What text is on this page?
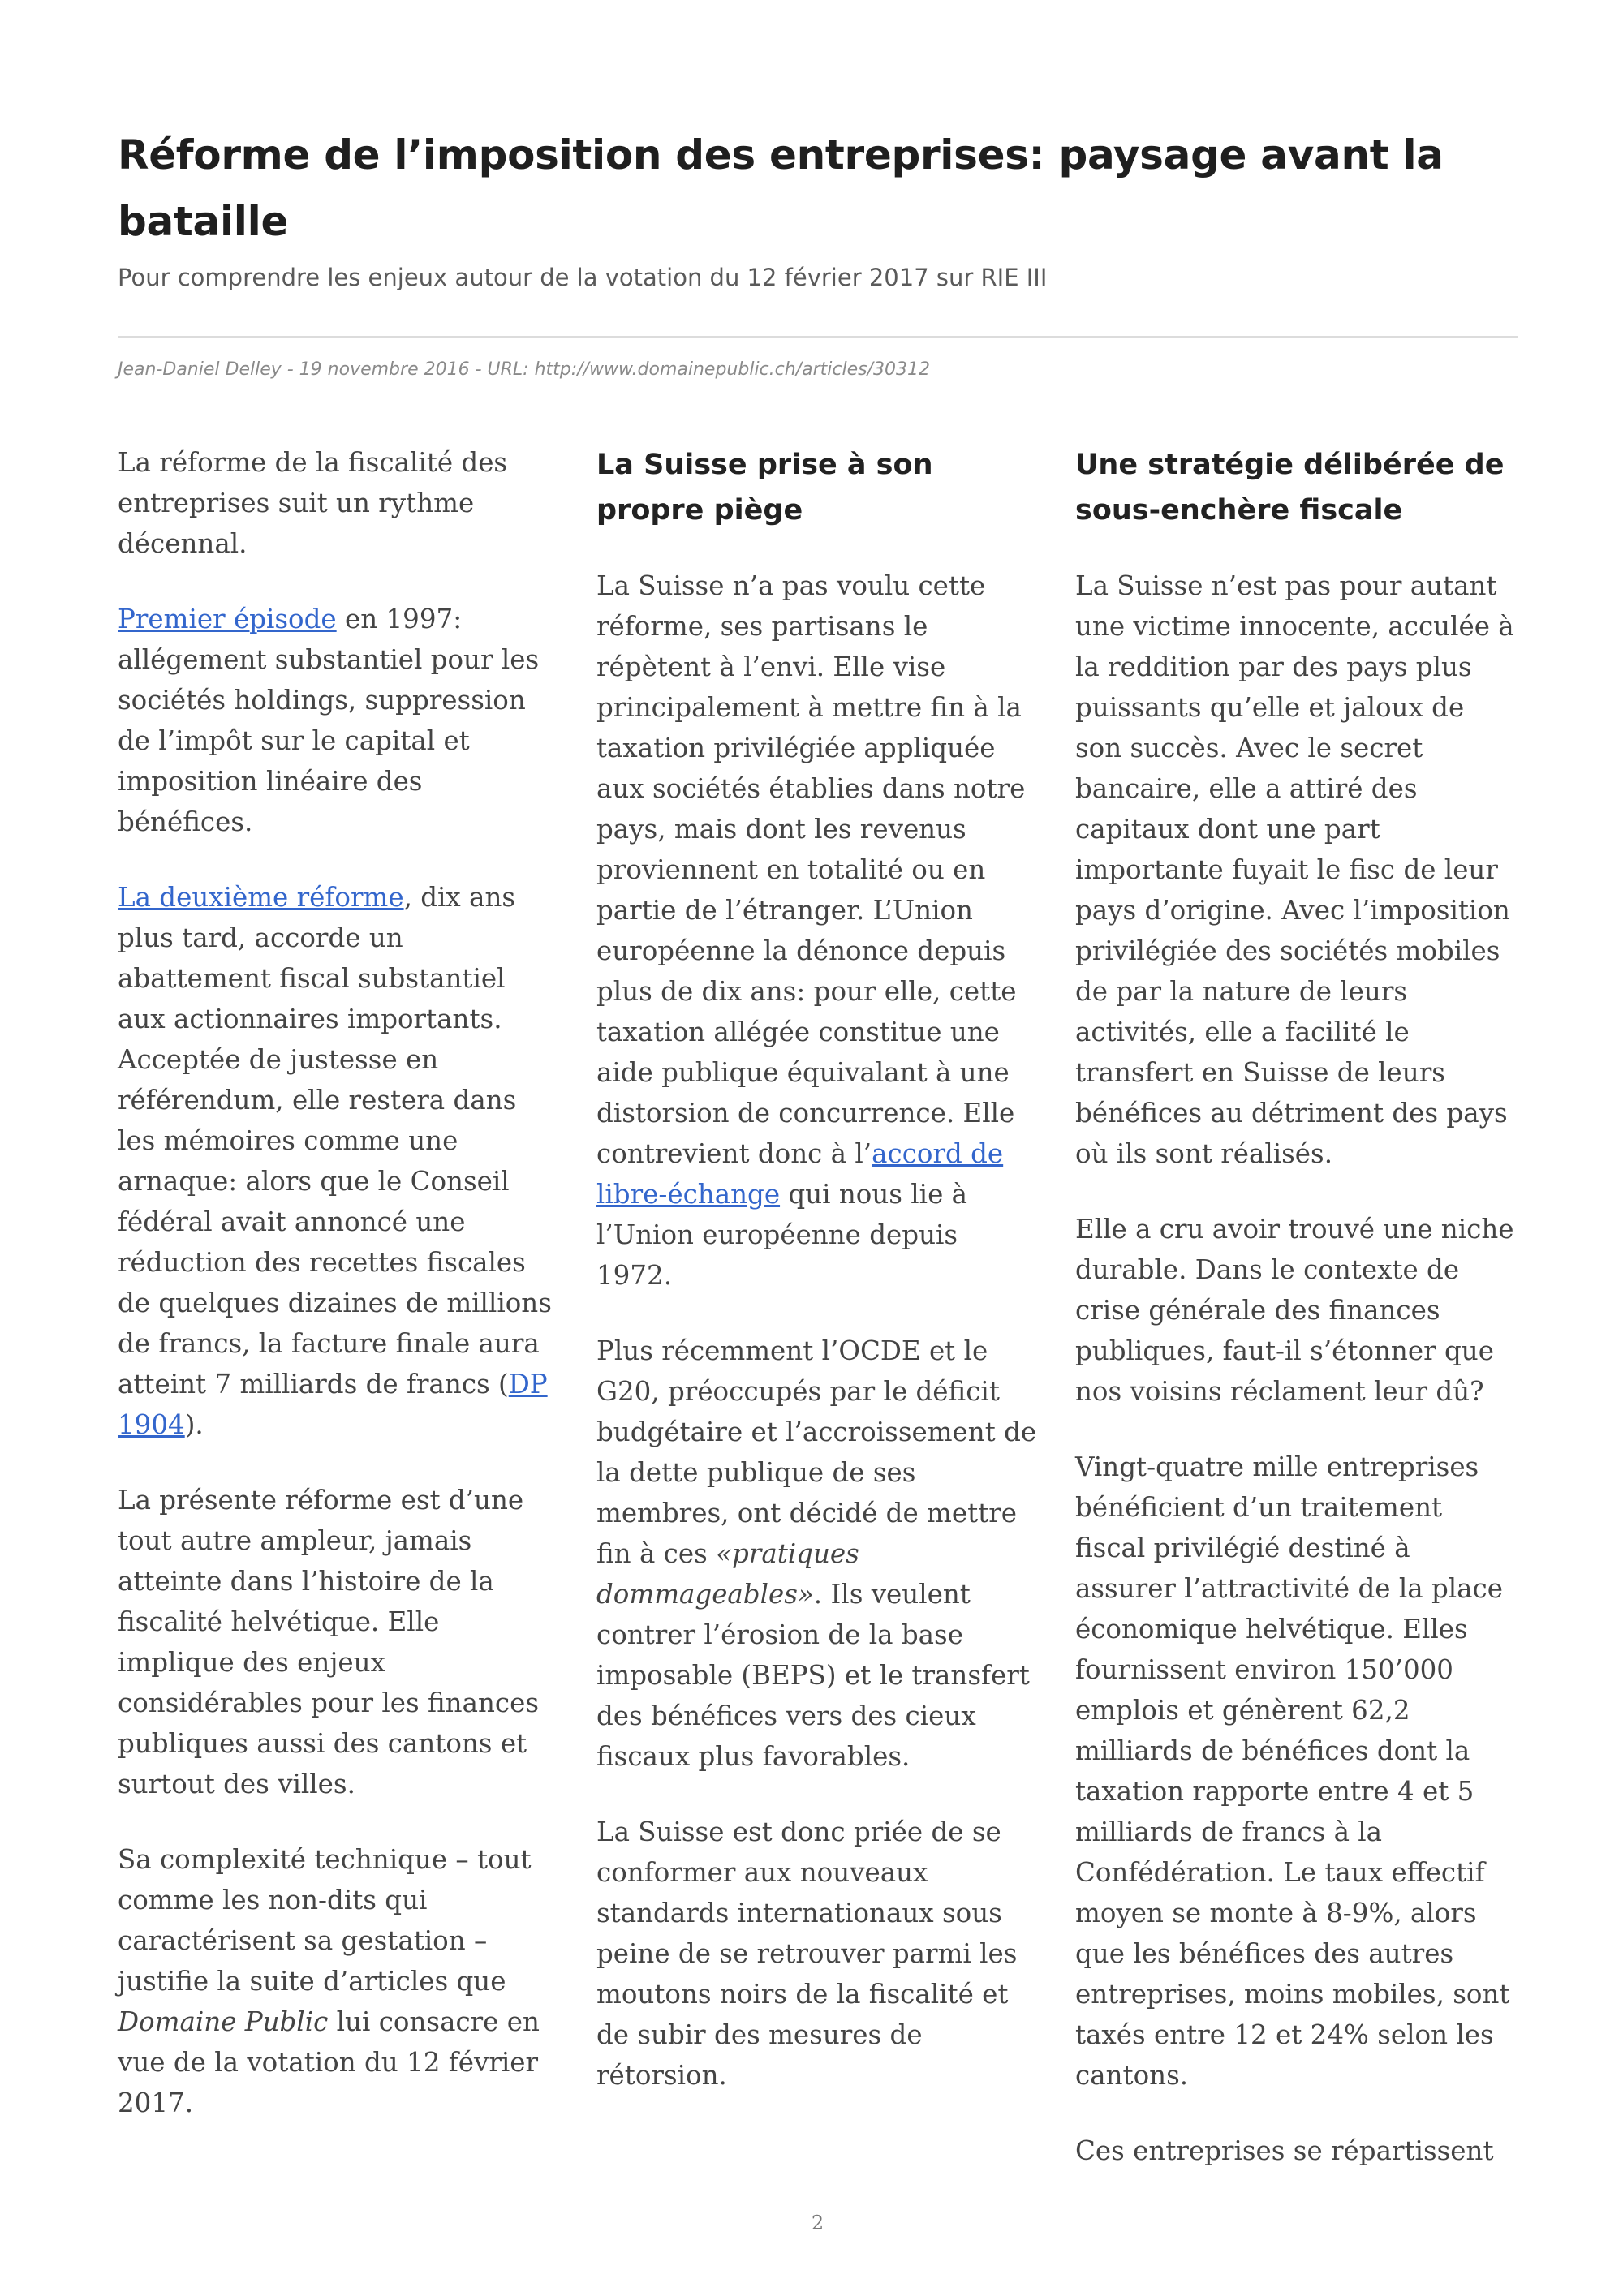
Réforme de l’imposition des entreprises: paysage avant la bataille

Pour comprendre les enjeux autour de la votation du 12 février 2017 sur RIE III

Jean-Daniel Delley - 19 novembre 2016 - URL: http://www.domainepublic.ch/articles/30312

La réforme de la fiscalité des entreprises suit un rythme décennal.

Premier épisode en 1997: allégement substantiel pour les sociétés holdings, suppression de l’impôt sur le capital et imposition linéaire des bénéfices.

La deuxième réforme, dix ans plus tard, accorde un abattement fiscal substantiel aux actionnaires importants. Acceptée de justesse en référendum, elle restera dans les mémoires comme une arnaque: alors que le Conseil fédéral avait annoncé une réduction des recettes fiscales de quelques dizaines de millions de francs, la facture finale aura atteint 7 milliards de francs (DP 1904).

La présente réforme est d’une tout autre ampleur, jamais atteinte dans l’histoire de la fiscalité helvétique. Elle implique des enjeux considérables pour les finances publiques aussi des cantons et surtout des villes.

Sa complexité technique – tout comme les non-dits qui caractérisent sa gestation – justifie la suite d’articles que Domaine Public lui consacre en vue de la votation du 12 février 2017.

La Suisse prise à son propre piège

La Suisse n’a pas voulu cette réforme, ses partisans le répètent à l’envi. Elle vise principalement à mettre fin à la taxation privilégiée appliquée aux sociétés établies dans notre pays, mais dont les revenus proviennent en totalité ou en partie de l’étranger. L’Union européenne la dénonce depuis plus de dix ans: pour elle, cette taxation allégée constitue une aide publique équivalant à une distorsion de concurrence. Elle contrevient donc à l’accord de libre-échange qui nous lie à l’Union européenne depuis 1972.

Plus récemment l’OCDE et le G20, préoccupés par le déficit budgétaire et l’accroissement de la dette publique de ses membres, ont décidé de mettre fin à ces «pratiques dommageables». Ils veulent contrer l’érosion de la base imposable (BEPS) et le transfert des bénéfices vers des cieux fiscaux plus favorables.

La Suisse est donc priée de se conformer aux nouveaux standards internationaux sous peine de se retrouver parmi les moutons noirs de la fiscalité et de subir des mesures de rétorsion.

Une stratégie délibérée de sous-enchère fiscale

La Suisse n’est pas pour autant une victime innocente, acculée à la reddition par des pays plus puissants qu’elle et jaloux de son succès. Avec le secret bancaire, elle a attiré des capitaux dont une part importante fuyait le fisc de leur pays d’origine. Avec l’imposition privilégiée des sociétés mobiles de par la nature de leurs activités, elle a facilité le transfert en Suisse de leurs bénéfices au détriment des pays où ils sont réalisés.

Elle a cru avoir trouvé une niche durable. Dans le contexte de crise générale des finances publiques, faut-il s’étonner que nos voisins réclament leur dû?

Vingt-quatre mille entreprises bénéficient d’un traitement fiscal privilégié destiné à assurer l’attractivité de la place économique helvétique. Elles fournissent environ 150’000 emplois et génèrent 62,2 milliards de bénéfices dont la taxation rapporte entre 4 et 5 milliards de francs à la Confédération. Le taux effectif moyen se monte à 8-9%, alors que les bénéfices des autres entreprises, moins mobiles, sont taxés entre 12 et 24% selon les cantons.

Ces entreprises se répartissent

2
